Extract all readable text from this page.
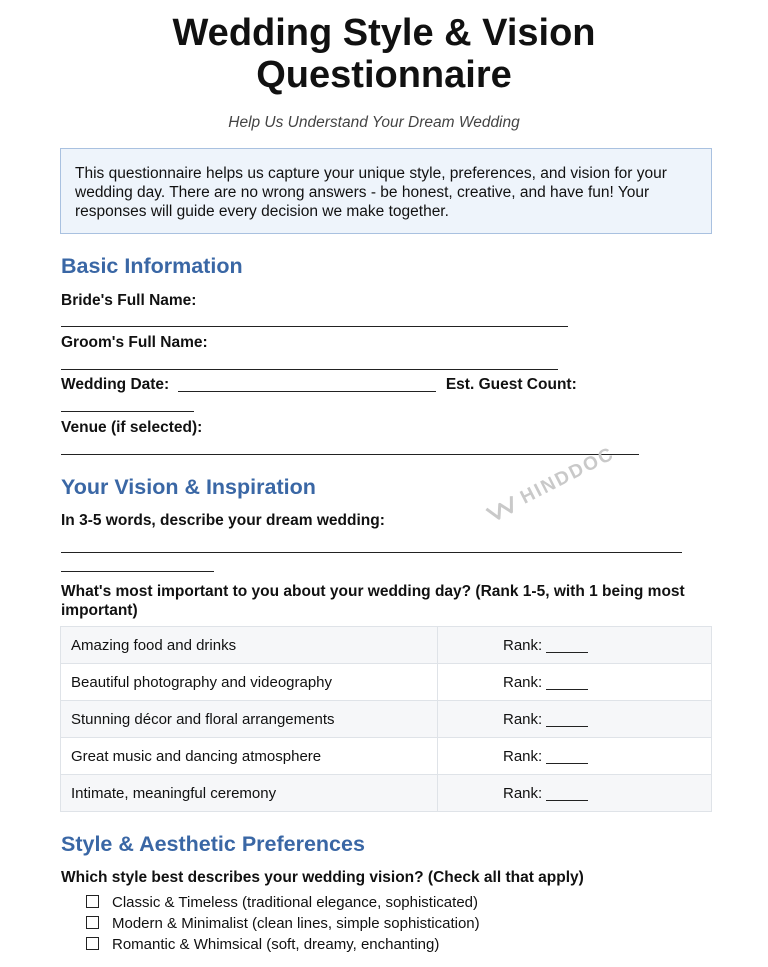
Wedding Style & Vision Questionnaire
Help Us Understand Your Dream Wedding
This questionnaire helps us capture your unique style, preferences, and vision for your wedding day. There are no wrong answers - be honest, creative, and have fun! Your responses will guide every decision we make together.
Basic Information
Bride's Full Name:
Groom's Full Name:
Wedding Date:	Est. Guest Count:
Venue (if selected):
Your Vision & Inspiration
In 3-5 words, describe your dream wedding:
What's most important to you about your wedding day? (Rank 1-5, with 1 being most important)
Amazing food and drinks	Rank:
Beautiful photography and videography	Rank:
Stunning décor and floral arrangements	Rank:
Great music and dancing atmosphere	Rank:
Intimate, meaningful ceremony	Rank:
Style & Aesthetic Preferences
Which style best describes your wedding vision? (Check all that apply)
Classic & Timeless (traditional elegance, sophisticated)
Modern & Minimalist (clean lines, simple sophistication)
Romantic & Whimsical (soft, dreamy, enchanting)
HINDDOC
